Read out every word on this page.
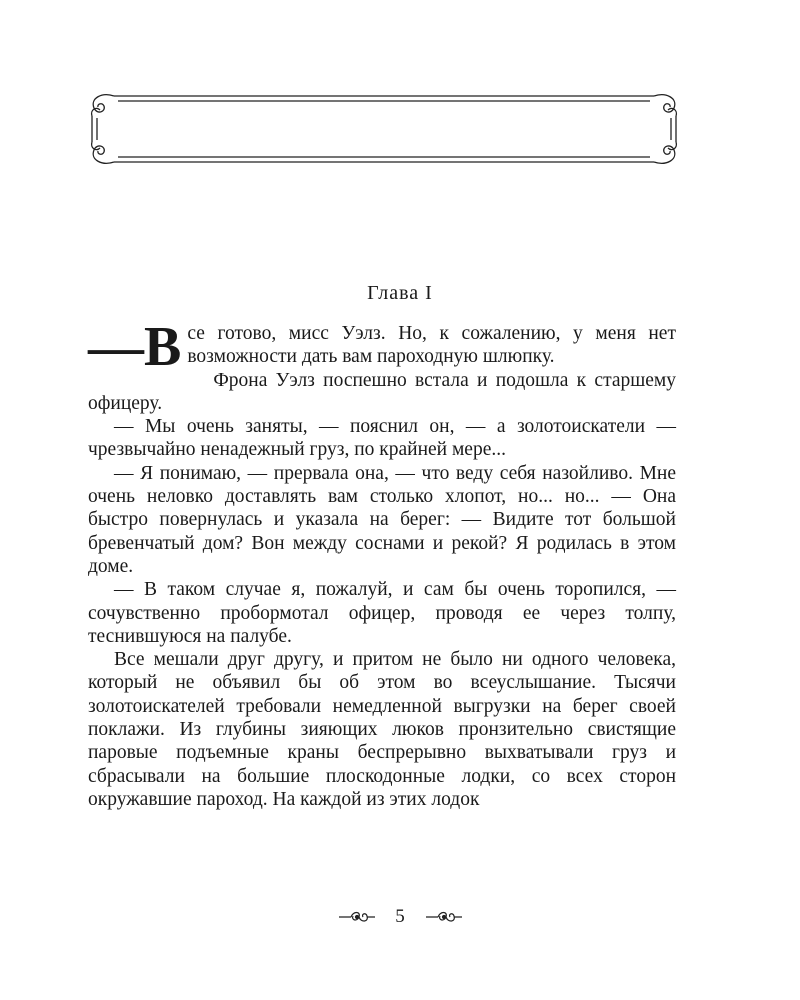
Глава I

—В се готово, мисс Уэлз. Но, к сожалению, у меня нет возможности дать вам пароходную шлюпку.

Фрона Уэлз поспешно встала и подошла к старшему офицеру.

— Мы очень заняты, — пояснил он, — а золотоискатели — чрезвычайно ненадежный груз, по крайней мере...

— Я понимаю, — прервала она, — что веду себя назойливо. Мне очень неловко доставлять вам столько хлопот, но... но... — Она быстро повернулась и указала на берег: — Видите тот большой бревенчатый дом? Вон между соснами и рекой? Я родилась в этом доме.

— В таком случае я, пожалуй, и сам бы очень торопился, — сочувственно пробормотал офицер, проводя ее через толпу, теснившуюся на палубе.

Все мешали друг другу, и притом не было ни одного человека, который не объявил бы об этом во всеуслышание. Тысячи золотоискателей требовали немедленной выгрузки на берег своей поклажи. Из глубины зияющих люков пронзительно свистящие паровые подъемные краны беспрерывно выхватывали груз и сбрасывали на большие плоскодонные лодки, со всех сторон окружавшие пароход. На каждой из этих лодок

5
